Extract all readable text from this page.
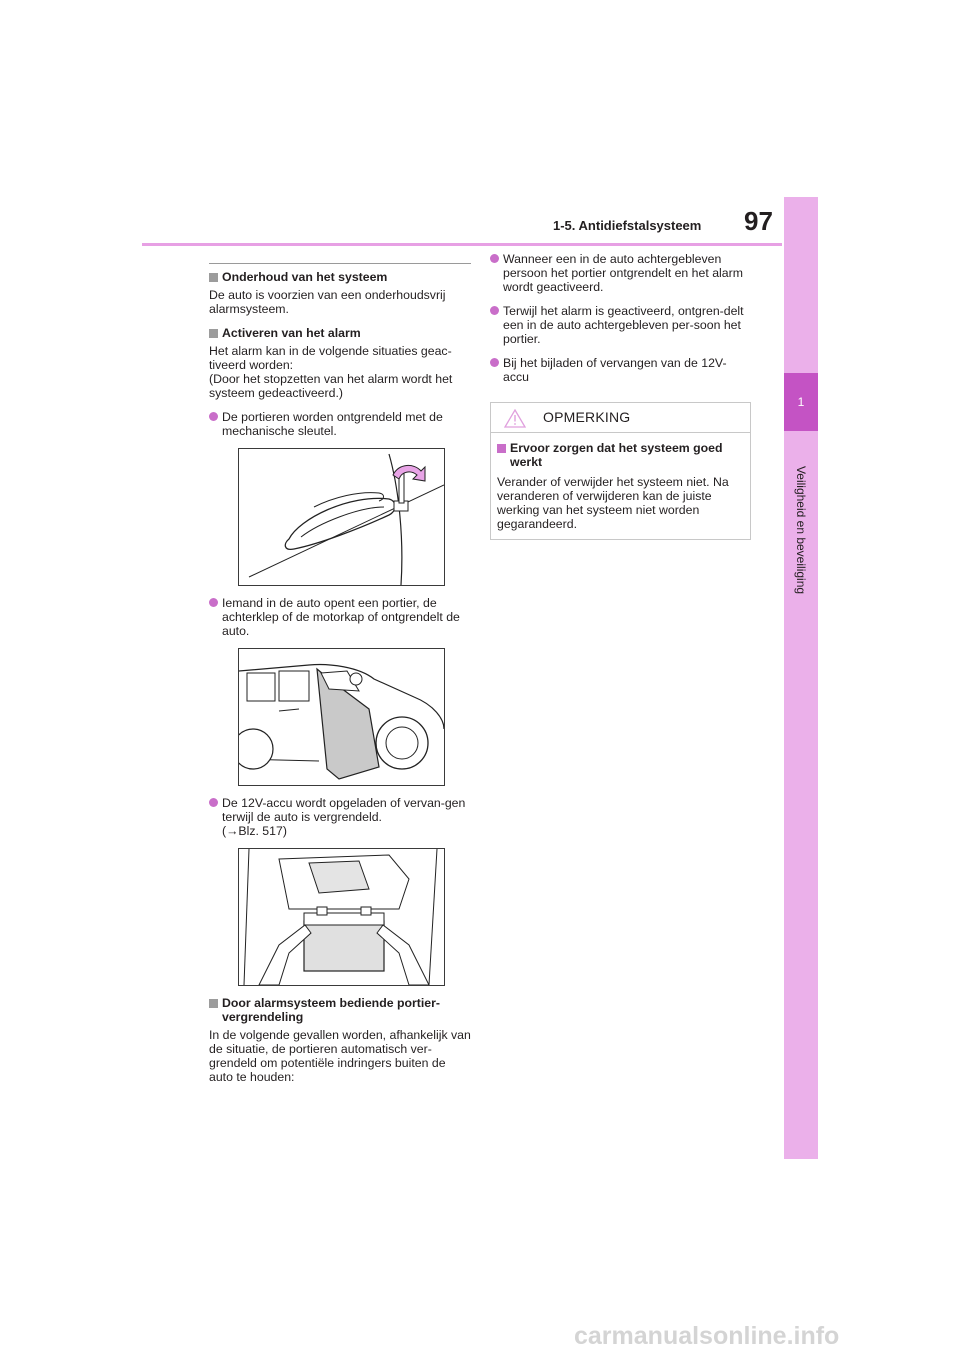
1-5. Antidiefstalsysteem 97
1
Veiligheid en beveiliging
Onderhoud van het systeem

De auto is voorzien van een onderhoudsvrij alarmsysteem.

Activeren van het alarm

Het alarm kan in de volgende situaties geac-tiveerd worden:
(Door het stopzetten van het alarm wordt het systeem gedeactiveerd.)

De portieren worden ontgrendeld met de mechanische sleutel.
Iemand in de auto opent een portier, de achterklep of de motorkap of ontgrendelt de auto.
De 12V-accu wordt opgeladen of vervan-gen terwijl de auto is vergrendeld.
(→Blz. 517)
Door alarmsysteem bediende portier-vergrendeling

In de volgende gevallen worden, afhankelijk van de situatie, de portieren automatisch ver-grendeld om potentiële indringers buiten de auto te houden:

Wanneer een in de auto achtergebleven persoon het portier ontgrendelt en het alarm wordt geactiveerd.
Terwijl het alarm is geactiveerd, ontgren-delt een in de auto achtergebleven per-soon het portier.
Bij het bijladen of vervangen van de 12V-accu
OPMERKING
Ervoor zorgen dat het systeem goed werkt

Verander of verwijder het systeem niet. Na veranderen of verwijderen kan de juiste werking van het systeem niet worden gegarandeerd.

carmanualsonline.info
